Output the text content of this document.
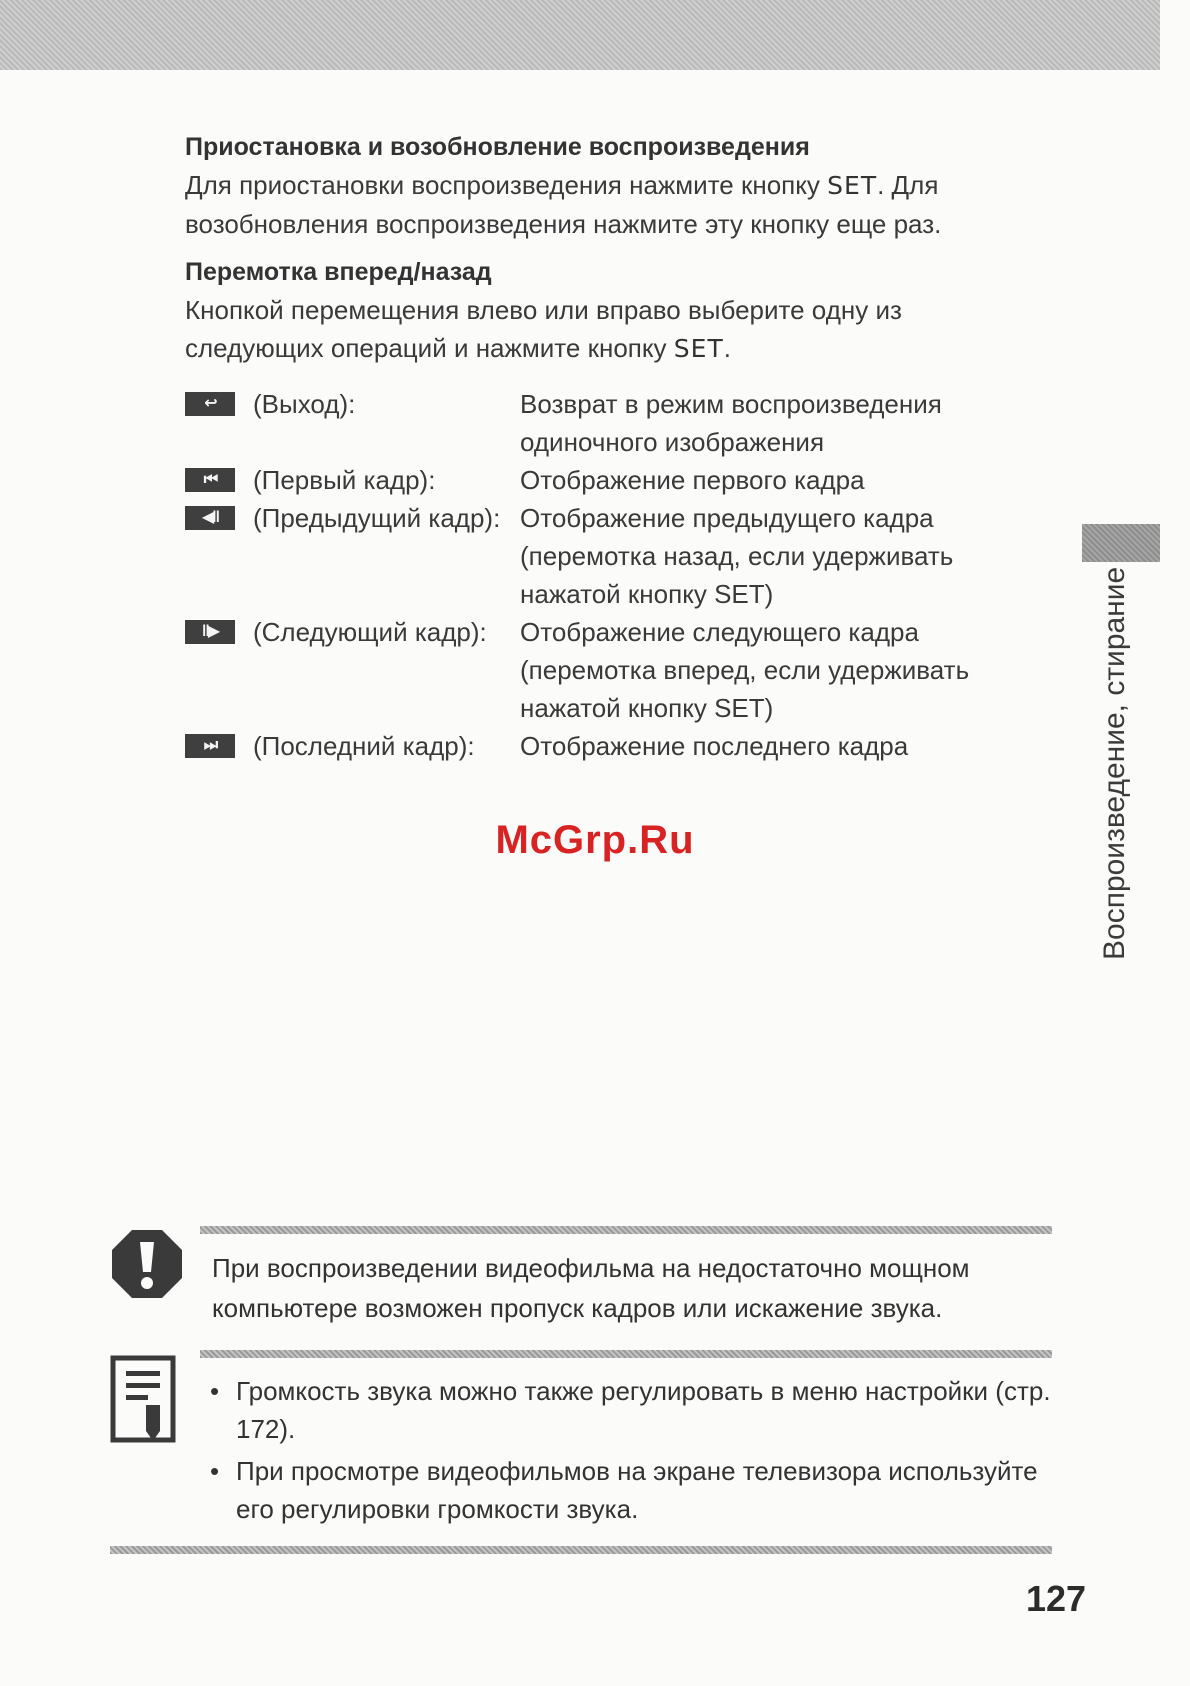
Воспроизведение, стирание

Приостановка и возобновление воспроизведения

Для приостановки воспроизведения нажмите кнопку SET. Для возобновления воспроизведения нажмите эту кнопку еще раз.

Перемотка вперед/назад

Кнопкой перемещения влево или вправо выберите одну из следующих операций и нажмите кнопку SET.

↩	(Выход):	Возврат в режим воспроизведения одиночного изображения
⏮	(Первый кадр):	Отображение первого кадра
◀‖	(Предыдущий кадр): Отображение предыдущего кадра (перемотка назад, если удерживать нажатой кнопку SET)
‖▶	(Следующий кадр):	Отображение следующего кадра (перемотка вперед, если удерживать нажатой кнопку SET)
⏭	(Последний кадр):	Отображение последнего кадра
McGrp.Ru
При воспроизведении видеофильма на недостаточно мощном компьютере возможен пропуск кадров или искажение звука.
• Громкость звука можно также регулировать в меню настройки (стр. 172).
• При просмотре видеофильмов на экране телевизора используйте его регулировки громкости звука.
127
